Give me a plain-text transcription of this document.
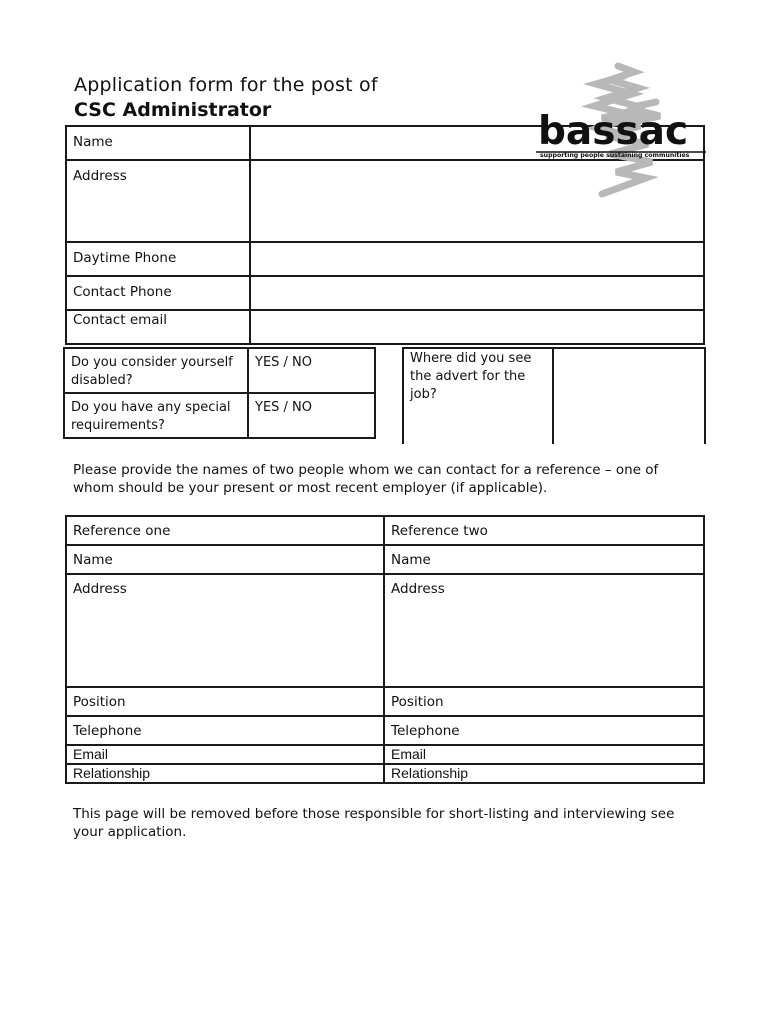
Application form for the post of
CSC Administrator
Name	
Address	
Daytime Phone	
Contact Phone	
Contact email	
bassac
supporting people sustaining communities
Do you consider yourself disabled?	YES / NO
Do you have any special requirements?	YES / NO
Where did you see the advert for the job?	
Please provide the names of two people whom we can contact for a reference – one of whom should be your present or most recent employer (if applicable).
Reference one	Reference two
Name	Name
Address	Address
Position	Position
Telephone	Telephone
Email	Email
Relationship	Relationship
This page will be removed before those responsible for short-listing and interviewing see your application.
